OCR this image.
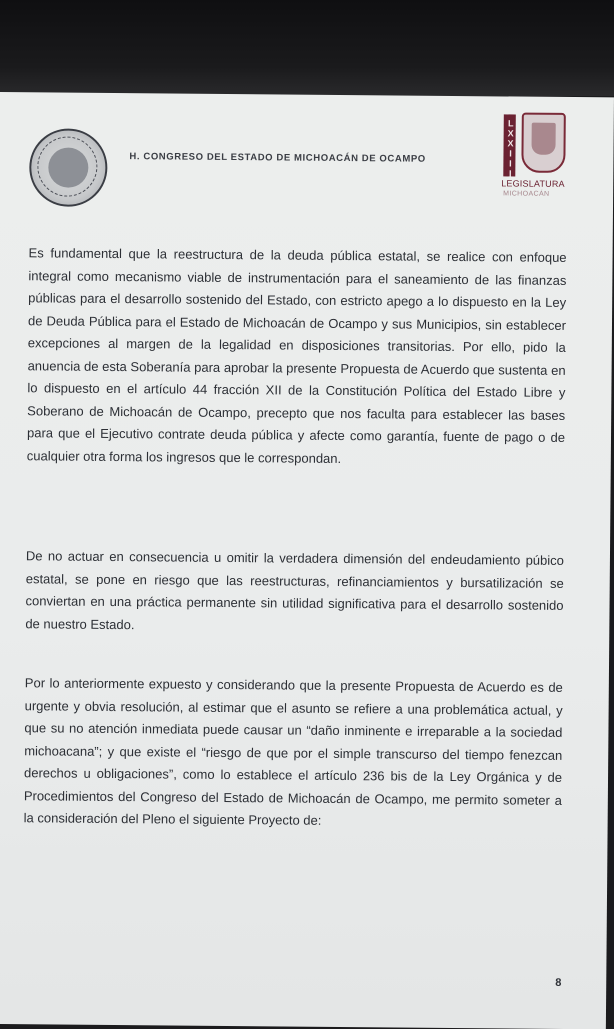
H. CONGRESO DEL ESTADO DE MICHOACÁN DE OCAMPO	LXXIII
LEGISLATURA
MICHOACÁN

Es fundamental que la reestructura de la deuda pública estatal, se realice con enfoque integral como mecanismo viable de instrumentación para el saneamiento de las finanzas públicas para el desarrollo sostenido del Estado, con estricto apego a lo dispuesto en la Ley de Deuda Pública para el Estado de Michoacán de Ocampo y sus Municipios, sin establecer excepciones al margen de la legalidad en disposiciones transitorias. Por ello, pido la anuencia de esta Soberanía para aprobar la presente Propuesta de Acuerdo que sustenta en lo dispuesto en el artículo 44 fracción XII de la Constitución Política del Estado Libre y Soberano de Michoacán de Ocampo, precepto que nos faculta para establecer las bases para que el Ejecutivo contrate deuda pública y afecte como garantía, fuente de pago o de cualquier otra forma los ingresos que le correspondan.

De no actuar en consecuencia u omitir la verdadera dimensión del endeudamiento púbico estatal, se pone en riesgo que las reestructuras, refinanciamientos y bursatilización se conviertan en una práctica permanente sin utilidad significativa para el desarrollo sostenido de nuestro Estado.

Por lo anteriormente expuesto y considerando que la presente Propuesta de Acuerdo es de urgente y obvia resolución, al estimar que el asunto se refiere a una problemática actual, y que su no atención inmediata puede causar un “daño inminente e irreparable a la sociedad michoacana”; y que existe el “riesgo de que por el simple transcurso del tiempo fenezcan derechos u obligaciones”, como lo establece el artículo 236 bis de la Ley Orgánica y de Procedimientos del Congreso del Estado de Michoacán de Ocampo, me permito someter a la consideración del Pleno el siguiente Proyecto de:

8
